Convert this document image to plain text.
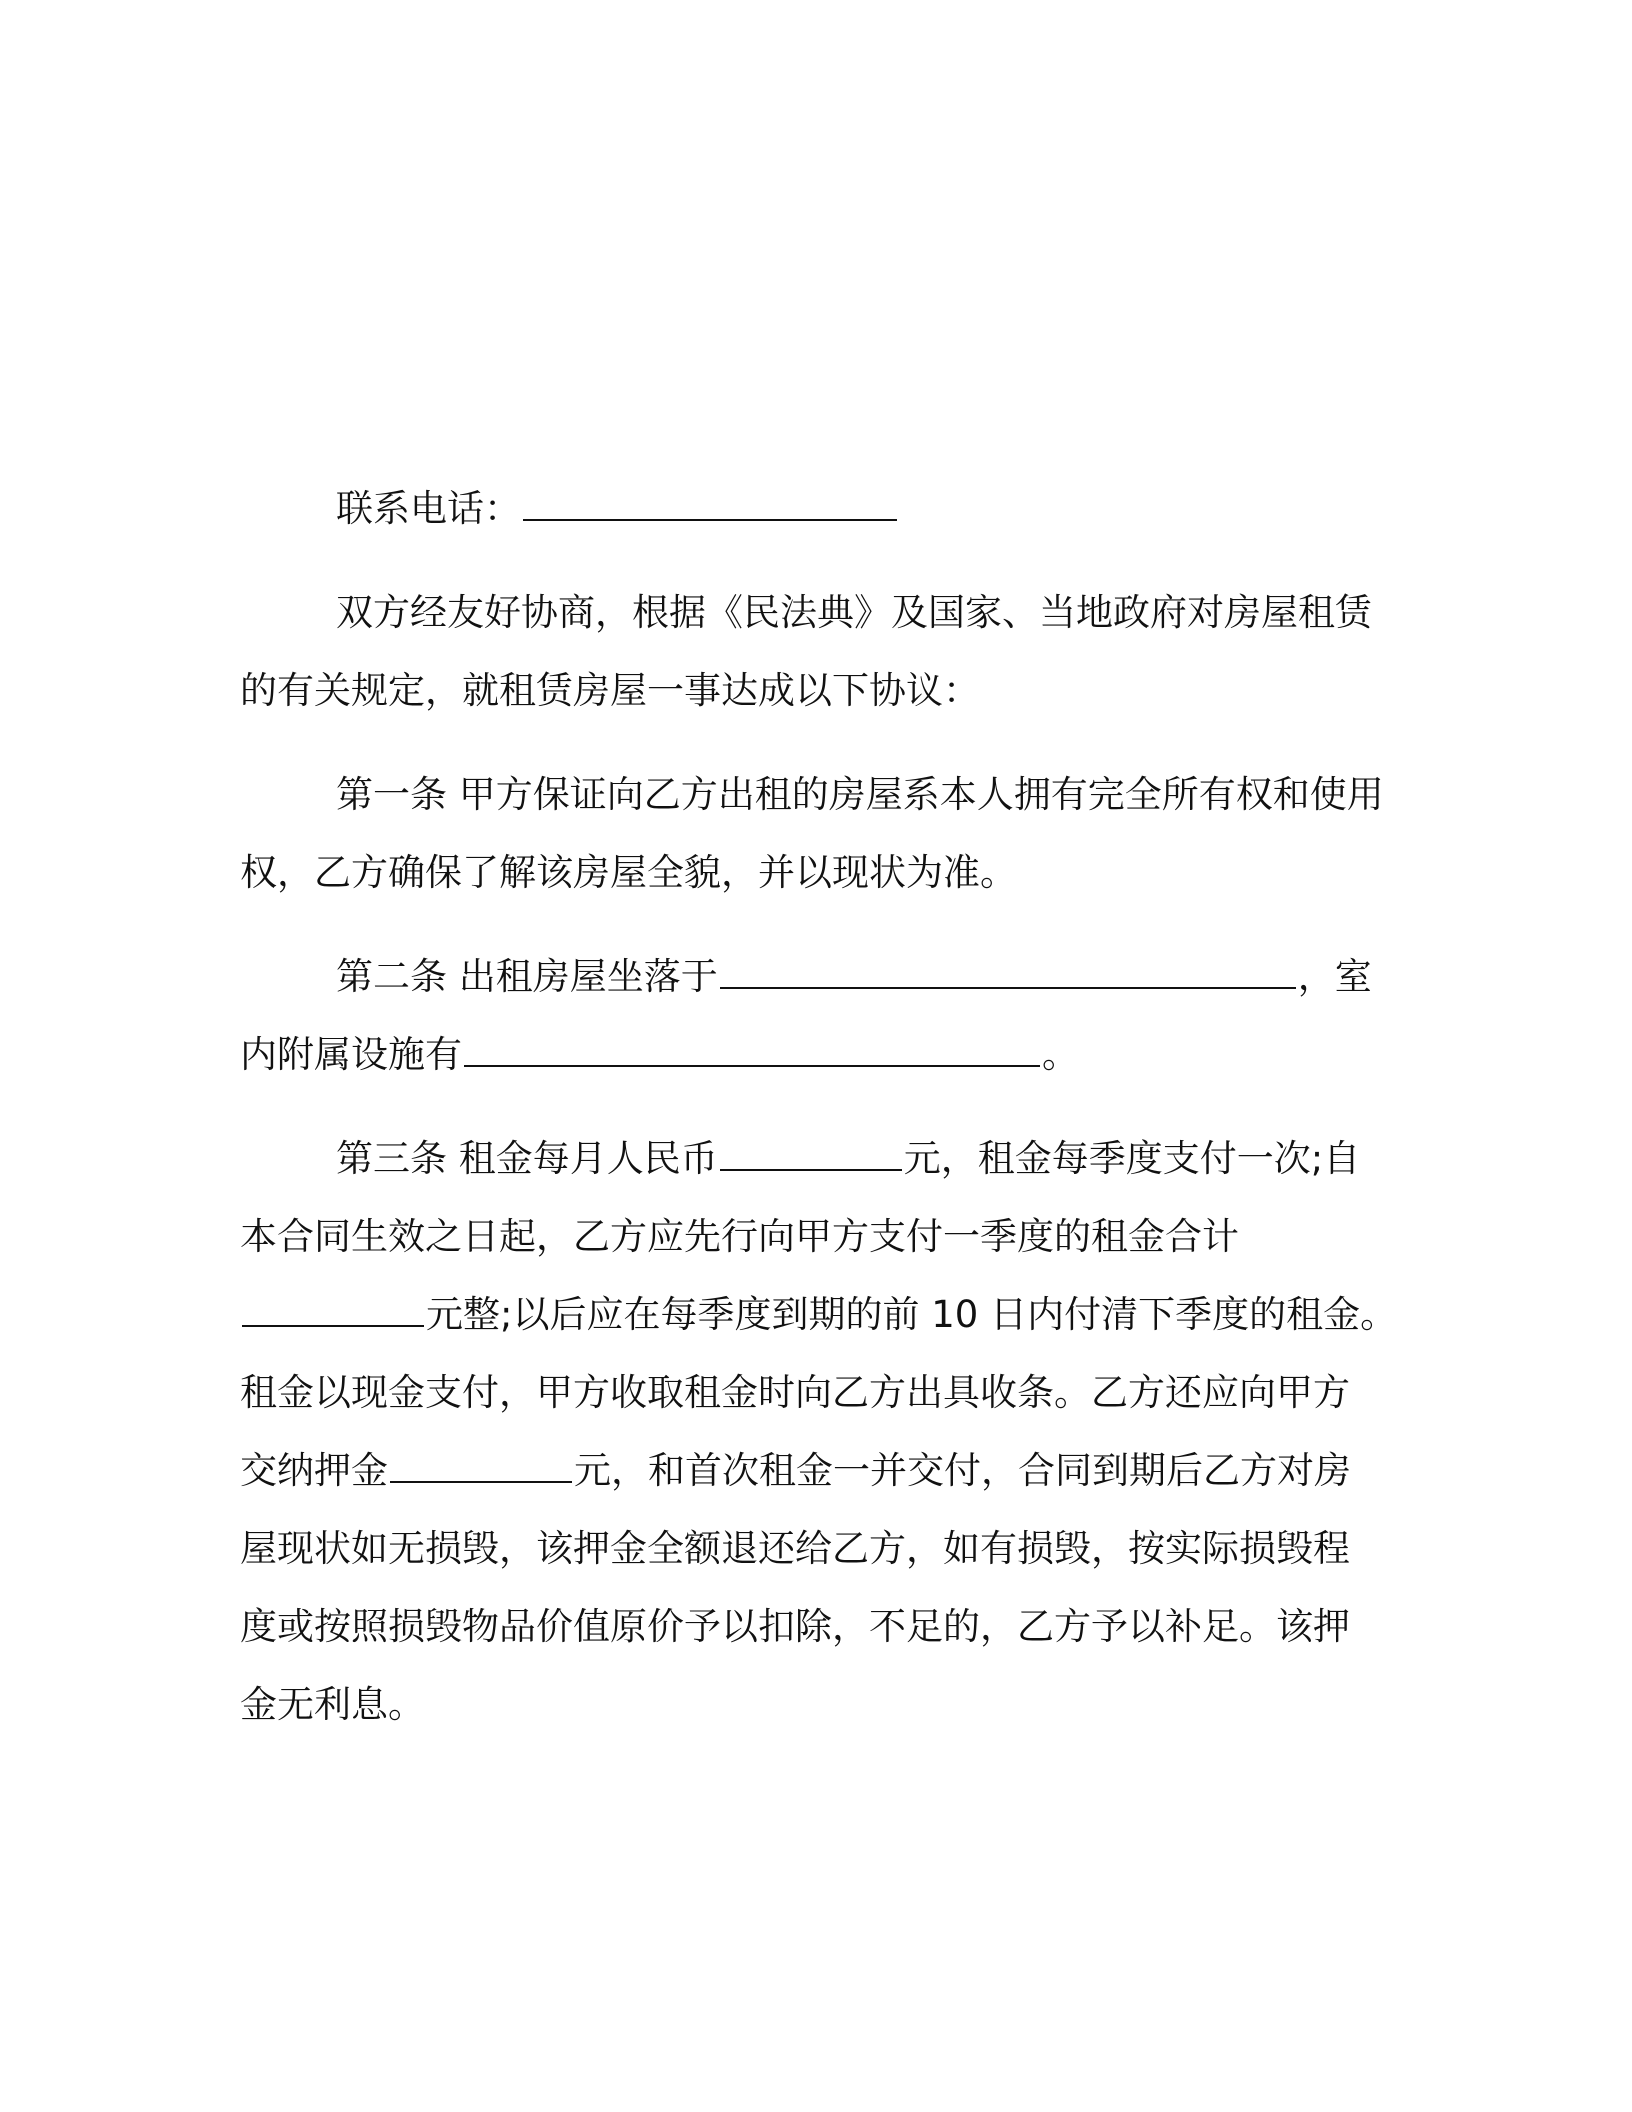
联系电话：
双方经友好协商，根据《民法典》及国家、当地政府对房屋租赁
的有关规定，就租赁房屋一事达成以下协议：
第一条 甲方保证向乙方出租的房屋系本人拥有完全所有权和使用
权，乙方确保了解该房屋全貌，并以现状为准。
第二条 出租房屋坐落于	，室
内附属设施有	。
第三条 租金每月人民币	元，租金每季度支付一次;自
本合同生效之日起，乙方应先行向甲方支付一季度的租金合计
元整;以后应在每季度到期的前 10 日内付清下季度的租金。
租金以现金支付，甲方收取租金时向乙方出具收条。乙方还应向甲方
交纳押金	元，和首次租金一并交付，合同到期后乙方对房
屋现状如无损毁，该押金全额退还给乙方，如有损毁，按实际损毁程
度或按照损毁物品价值原价予以扣除，不足的，乙方予以补足。该押
金无利息。
